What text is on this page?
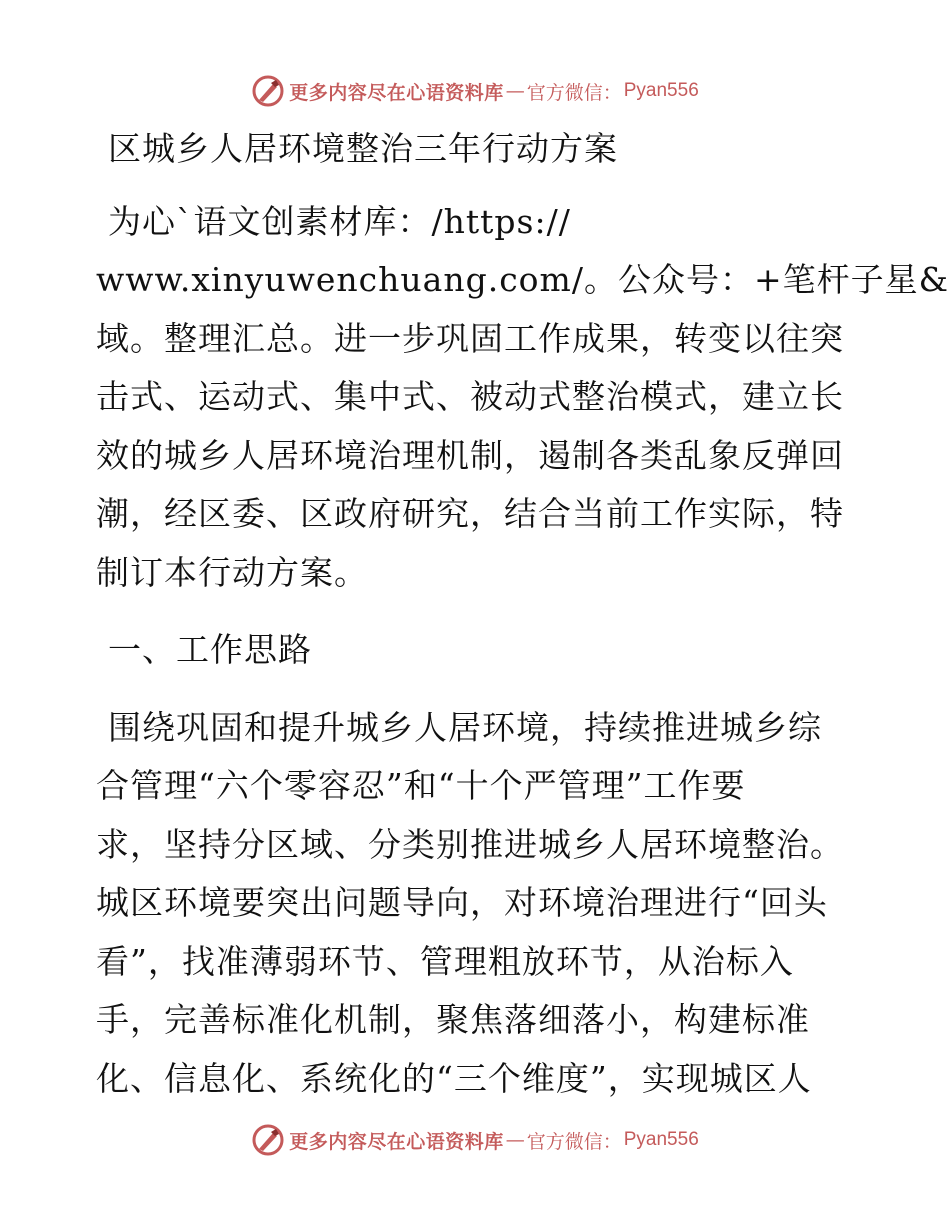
更多内容尽在心语资料库 — 官方微信： Pyan556

区城乡人居环境整治三年行动方案

为心`语文创素材库：/https://

www.xinyuwenchuang.com/。公众号：+笔杆子星&

域。整理汇总。进一步巩固工作成果，转变以往突

击式、运动式、集中式、被动式整治模式，建立长

效的城乡人居环境治理机制，遏制各类乱象反弹回

潮，经区委、区政府研究，结合当前工作实际，特

制订本行动方案。

一、工作思路

围绕巩固和提升城乡人居环境，持续推进城乡综

合管理“六个零容忍”和“十个严管理”工作要

求，坚持分区域、分类别推进城乡人居环境整治。

城区环境要突出问题导向，对环境治理进行“回头

看”，找准薄弱环节、管理粗放环节，从治标入

手，完善标准化机制，聚焦落细落小，构建标准

化、信息化、系统化的“三个维度”，实现城区人

更多内容尽在心语资料库 — 官方微信： Pyan556
